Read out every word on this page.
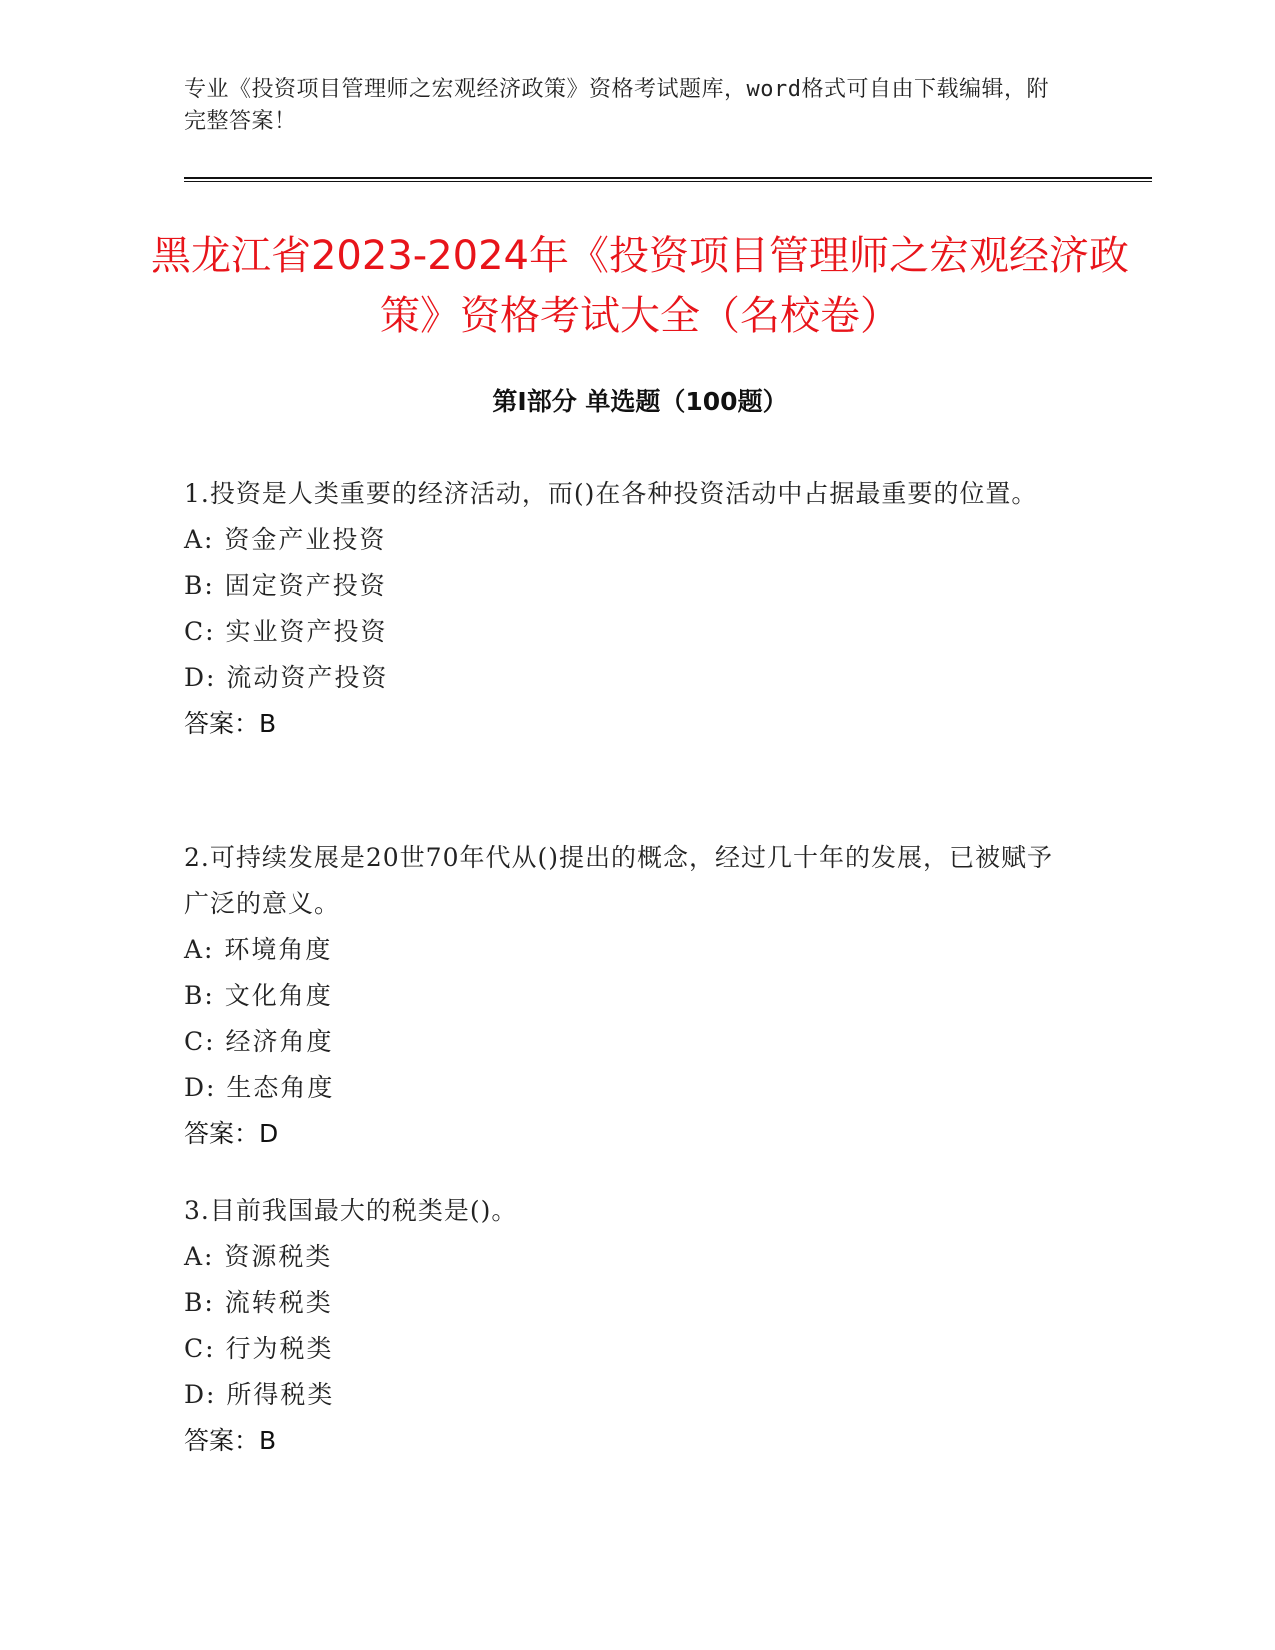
专业《投资项目管理师之宏观经济政策》资格考试题库，word格式可自由下载编辑，附完整答案！
黑龙江省2023-2024年《投资项目管理师之宏观经济政策》资格考试大全（名校卷）
第Ⅰ部分 单选题（100题）

1.投资是人类重要的经济活动，而()在各种投资活动中占据最重要的位置。

A: 资金产业投资

B: 固定资产投资

C: 实业资产投资

D: 流动资产投资

答案：B

2.可持续发展是20世70年代从()提出的概念，经过几十年的发展，已被赋予广泛的意义。

A: 环境角度

B: 文化角度

C: 经济角度

D: 生态角度

答案：D

3.目前我国最大的税类是()。

A: 资源税类

B: 流转税类

C: 行为税类

D: 所得税类

答案：B
